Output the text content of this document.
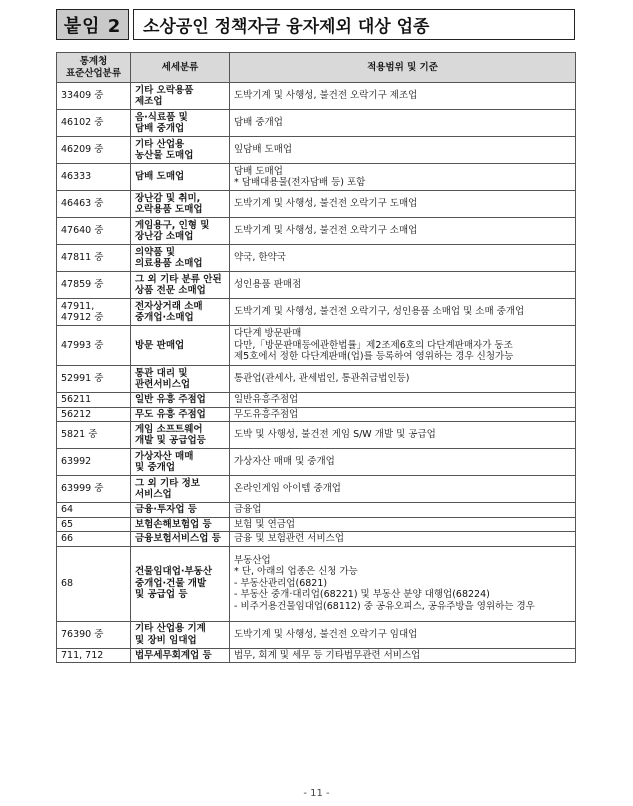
붙임 2	소상공인 정책자금 융자제외 대상 업종
통계청
표준산업분류	세세분류	적용범위 및 기준

33409 중	기타 오락용품
제조업	도박기계 및 사행성, 불건전 오락기구 제조업

46102 중	음·식료품 및
담배 중개업	담배 중개업

46209 중	기타 산업용
농산물 도매업	잎담배 도매업

46333	담배 도매업	담배 도매업
* 담배대용물(전자담배 등) 포함

46463 중	장난감 및 취미,
오락용품 도매업	도박기계 및 사행성, 불건전 오락기구 도매업

47640 중	게임용구, 인형 및
장난감 소매업	도박기계 및 사행성, 불건전 오락기구 소매업

47811 중	의약품 및
의료용품 소매업	약국, 한약국

47859 중	그 외 기타 분류 안된
상품 전문 소매업	성인용품 판매점

47911,
47912 중	전자상거래 소매
중개업·소매업	도박기계 및 사행성, 불건전 오락기구, 성인용품 소매업 및 소매 중개업

47993 중	방문 판매업	다단계 방문판매
다만,「방문판매등에관한법률」제2조제6호의 다단계판매자가 동조
제5호에서 정한 다단계판매(업)를 등록하여 영위하는 경우 신청가능

52991 중	통관 대리 및
관련서비스업	통관업(관세사, 관세법인, 통관취급법인등)

56211	일반 유흥 주점업	일반유흥주점업

56212	무도 유흥 주점업	무도유흥주점업

5821 중	게임 소프트웨어
개발 및 공급업등	도박 및 사행성, 불건전 게임 S/W 개발 및 공급업

63992	가상자산 매매
및 중개업	가상자산 매매 및 중개업

63999 중	그 외 기타 정보
서비스업	온라인게임 아이템 중개업

64	금융·투자업 등	금융업

65	보험손해보험업 등	보험 및 연금업

66	금융보험서비스업 등	금융 및 보험관련 서비스업

68	건물임대업·부동산
중개업·건물 개발
및 공급업 등	부동산업
* 단, 아래의 업종은 신청 가능
- 부동산관리업(6821)
- 부동산 중개·대리업(68221) 및 부동산 분양 대행업(68224)
- 비주거용건물임대업(68112) 중 공유오피스, 공유주방을 영위하는 경우

76390 중	기타 산업용 기계
및 장비 임대업	도박기계 및 사행성, 불건전 오락기구 임대업

711, 712	법무세무회계업 등	법무, 회계 및 세무 등 기타법무관련 서비스업
- 11 -
